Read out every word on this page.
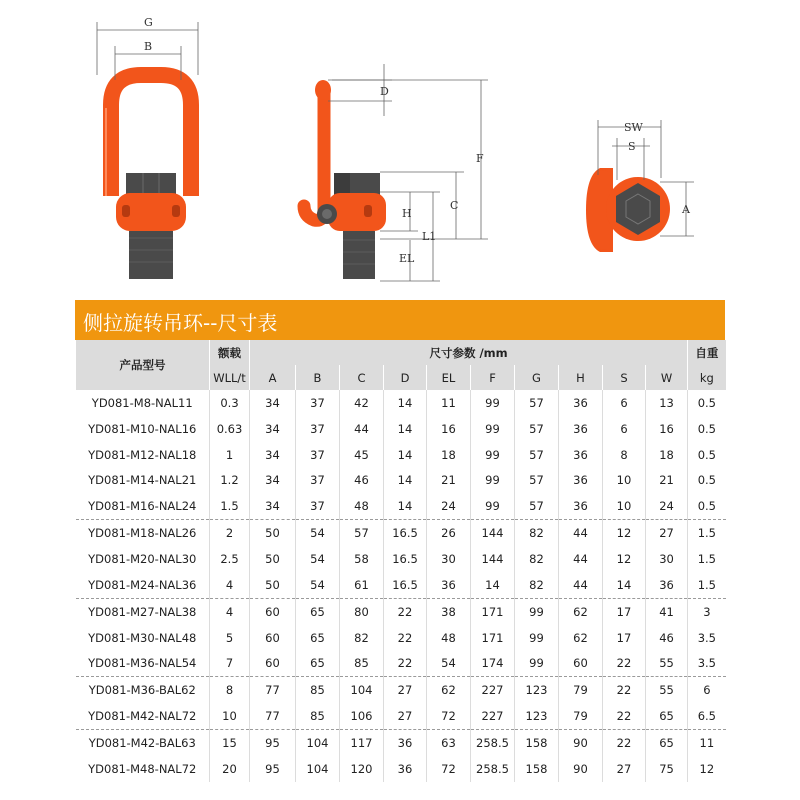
G
B
D
F
C
H
L1
EL
SW
S
A
侧拉旋转吊环--尺寸表
产品型号	额载	尺寸参数 /mm										自重
	WLL/t	A	B	C	D	EL	F	G	H	S	W	kg
YD081-M8-NAL11	0.3	34	37	42	14	11	99	57	36	6	13	0.5
YD081-M10-NAL16	0.63	34	37	44	14	16	99	57	36	6	16	0.5
YD081-M12-NAL18	1	34	37	45	14	18	99	57	36	8	18	0.5
YD081-M14-NAL21	1.2	34	37	46	14	21	99	57	36	10	21	0.5
YD081-M16-NAL24	1.5	34	37	48	14	24	99	57	36	10	24	0.5
YD081-M18-NAL26	2	50	54	57	16.5	26	144	82	44	12	27	1.5
YD081-M20-NAL30	2.5	50	54	58	16.5	30	144	82	44	12	30	1.5
YD081-M24-NAL36	4	50	54	61	16.5	36	14	82	44	14	36	1.5
YD081-M27-NAL38	4	60	65	80	22	38	171	99	62	17	41	3
YD081-M30-NAL48	5	60	65	82	22	48	171	99	62	17	46	3.5
YD081-M36-NAL54	7	60	65	85	22	54	174	99	60	22	55	3.5
YD081-M36-BAL62	8	77	85	104	27	62	227	123	79	22	55	6
YD081-M42-NAL72	10	77	85	106	27	72	227	123	79	22	65	6.5
YD081-M42-BAL63	15	95	104	117	36	63	258.5	158	90	22	65	11
YD081-M48-NAL72	20	95	104	120	36	72	258.5	158	90	27	75	12
